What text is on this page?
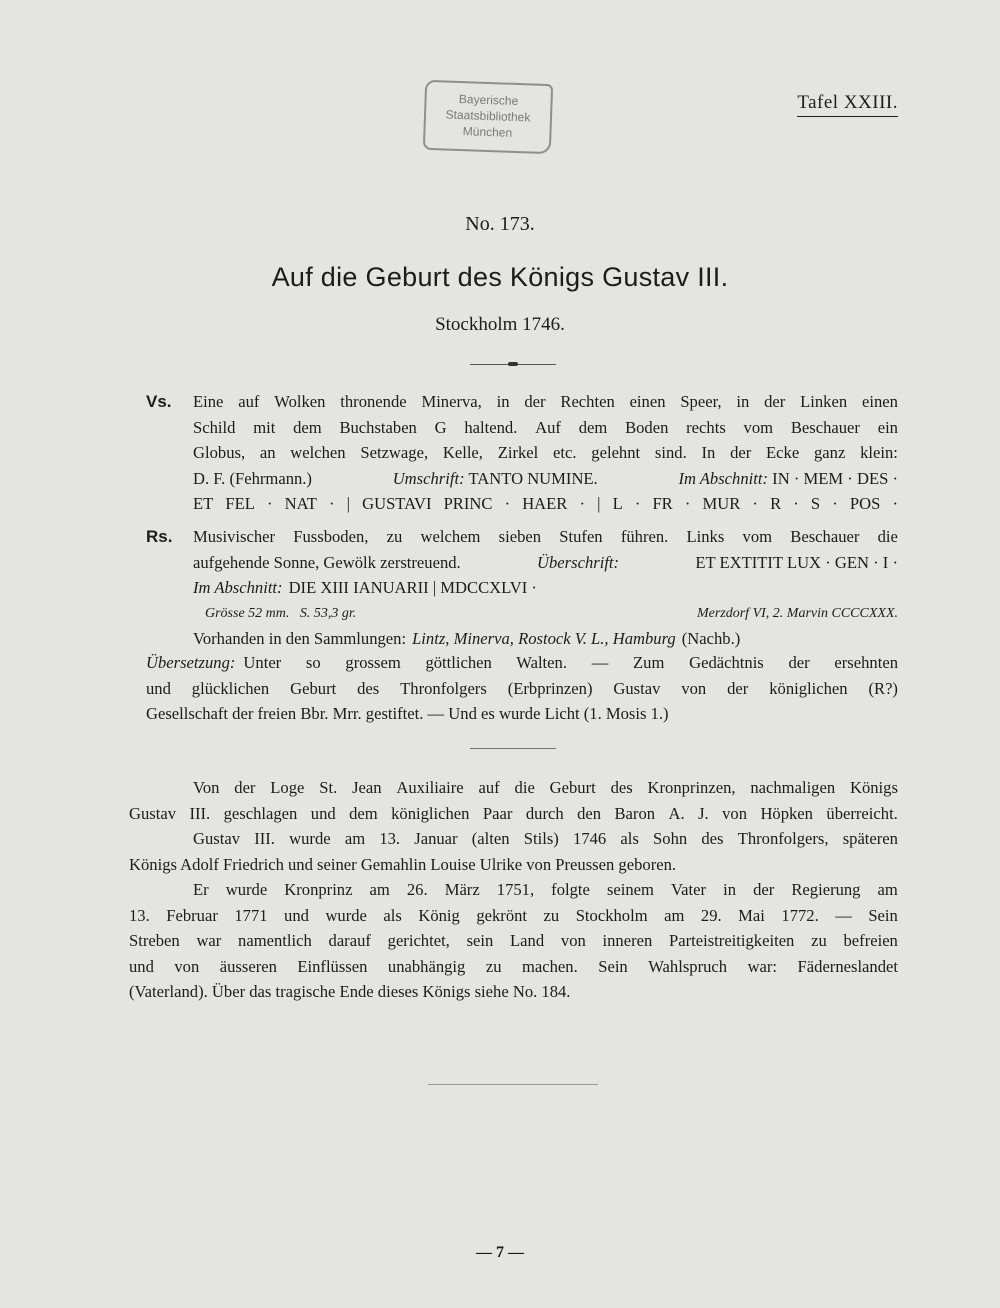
Bayerische
Staatsbibliothek
München
Tafel XXIII.
No. 173.
Auf die Geburt des Königs Gustav III.
Stockholm 1746.
Vs. Eine auf Wolken thronende Minerva, in der Rechten einen Speer, in der Linken einen
Schild mit dem Buchstaben G haltend. Auf dem Boden rechts vom Beschauer ein
Globus, an welchen Setzwage, Kelle, Zirkel etc. gelehnt sind. In der Ecke ganz klein:
D. F. (Fehrmann.)	Umschrift: TANTO NUMINE.	Im Abschnitt: IN · MEM · DES ·
ET FEL · NAT · | GUSTAVI PRINC · HAER · | L · FR · MUR · R · S · POS ·
Rs. Musivischer Fussboden, zu welchem sieben Stufen führen. Links vom Beschauer die
aufgehende Sonne, Gewölk zerstreuend.	Überschrift:	ET EXTITIT LUX · GEN · I ·
Im Abschnitt: DIE XIII IANUARII | MDCCXLVI ·
Grösse 52 mm. S. 53,3 gr.	Merzdorf VI, 2. Marvin CCCCXXX.
Vorhanden in den Sammlungen: Lintz, Minerva, Rostock V. L., Hamburg (Nachb.)
Übersetzung: Unter so grossem göttlichen Walten. — Zum Gedächtnis der ersehnten
und glücklichen Geburt des Thronfolgers (Erbprinzen) Gustav von der königlichen (R?)
Gesellschaft der freien Bbr. Mrr. gestiftet. — Und es wurde Licht (1. Mosis 1.)
Von der Loge St. Jean Auxiliaire auf die Geburt des Kronprinzen, nachmaligen Königs
Gustav III. geschlagen und dem königlichen Paar durch den Baron A. J. von Höpken überreicht.
Gustav III. wurde am 13. Januar (alten Stils) 1746 als Sohn des Thronfolgers, späteren
Königs Adolf Friedrich und seiner Gemahlin Louise Ulrike von Preussen geboren.
Er wurde Kronprinz am 26. März 1751, folgte seinem Vater in der Regierung am
13. Februar 1771 und wurde als König gekrönt zu Stockholm am 29. Mai 1772. — Sein
Streben war namentlich darauf gerichtet, sein Land von inneren Parteistreitigkeiten zu befreien
und von äusseren Einflüssen unabhängig zu machen. Sein Wahlspruch war: Fäderneslandet
(Vaterland). Über das tragische Ende dieses Königs siehe No. 184.
— 7 —
